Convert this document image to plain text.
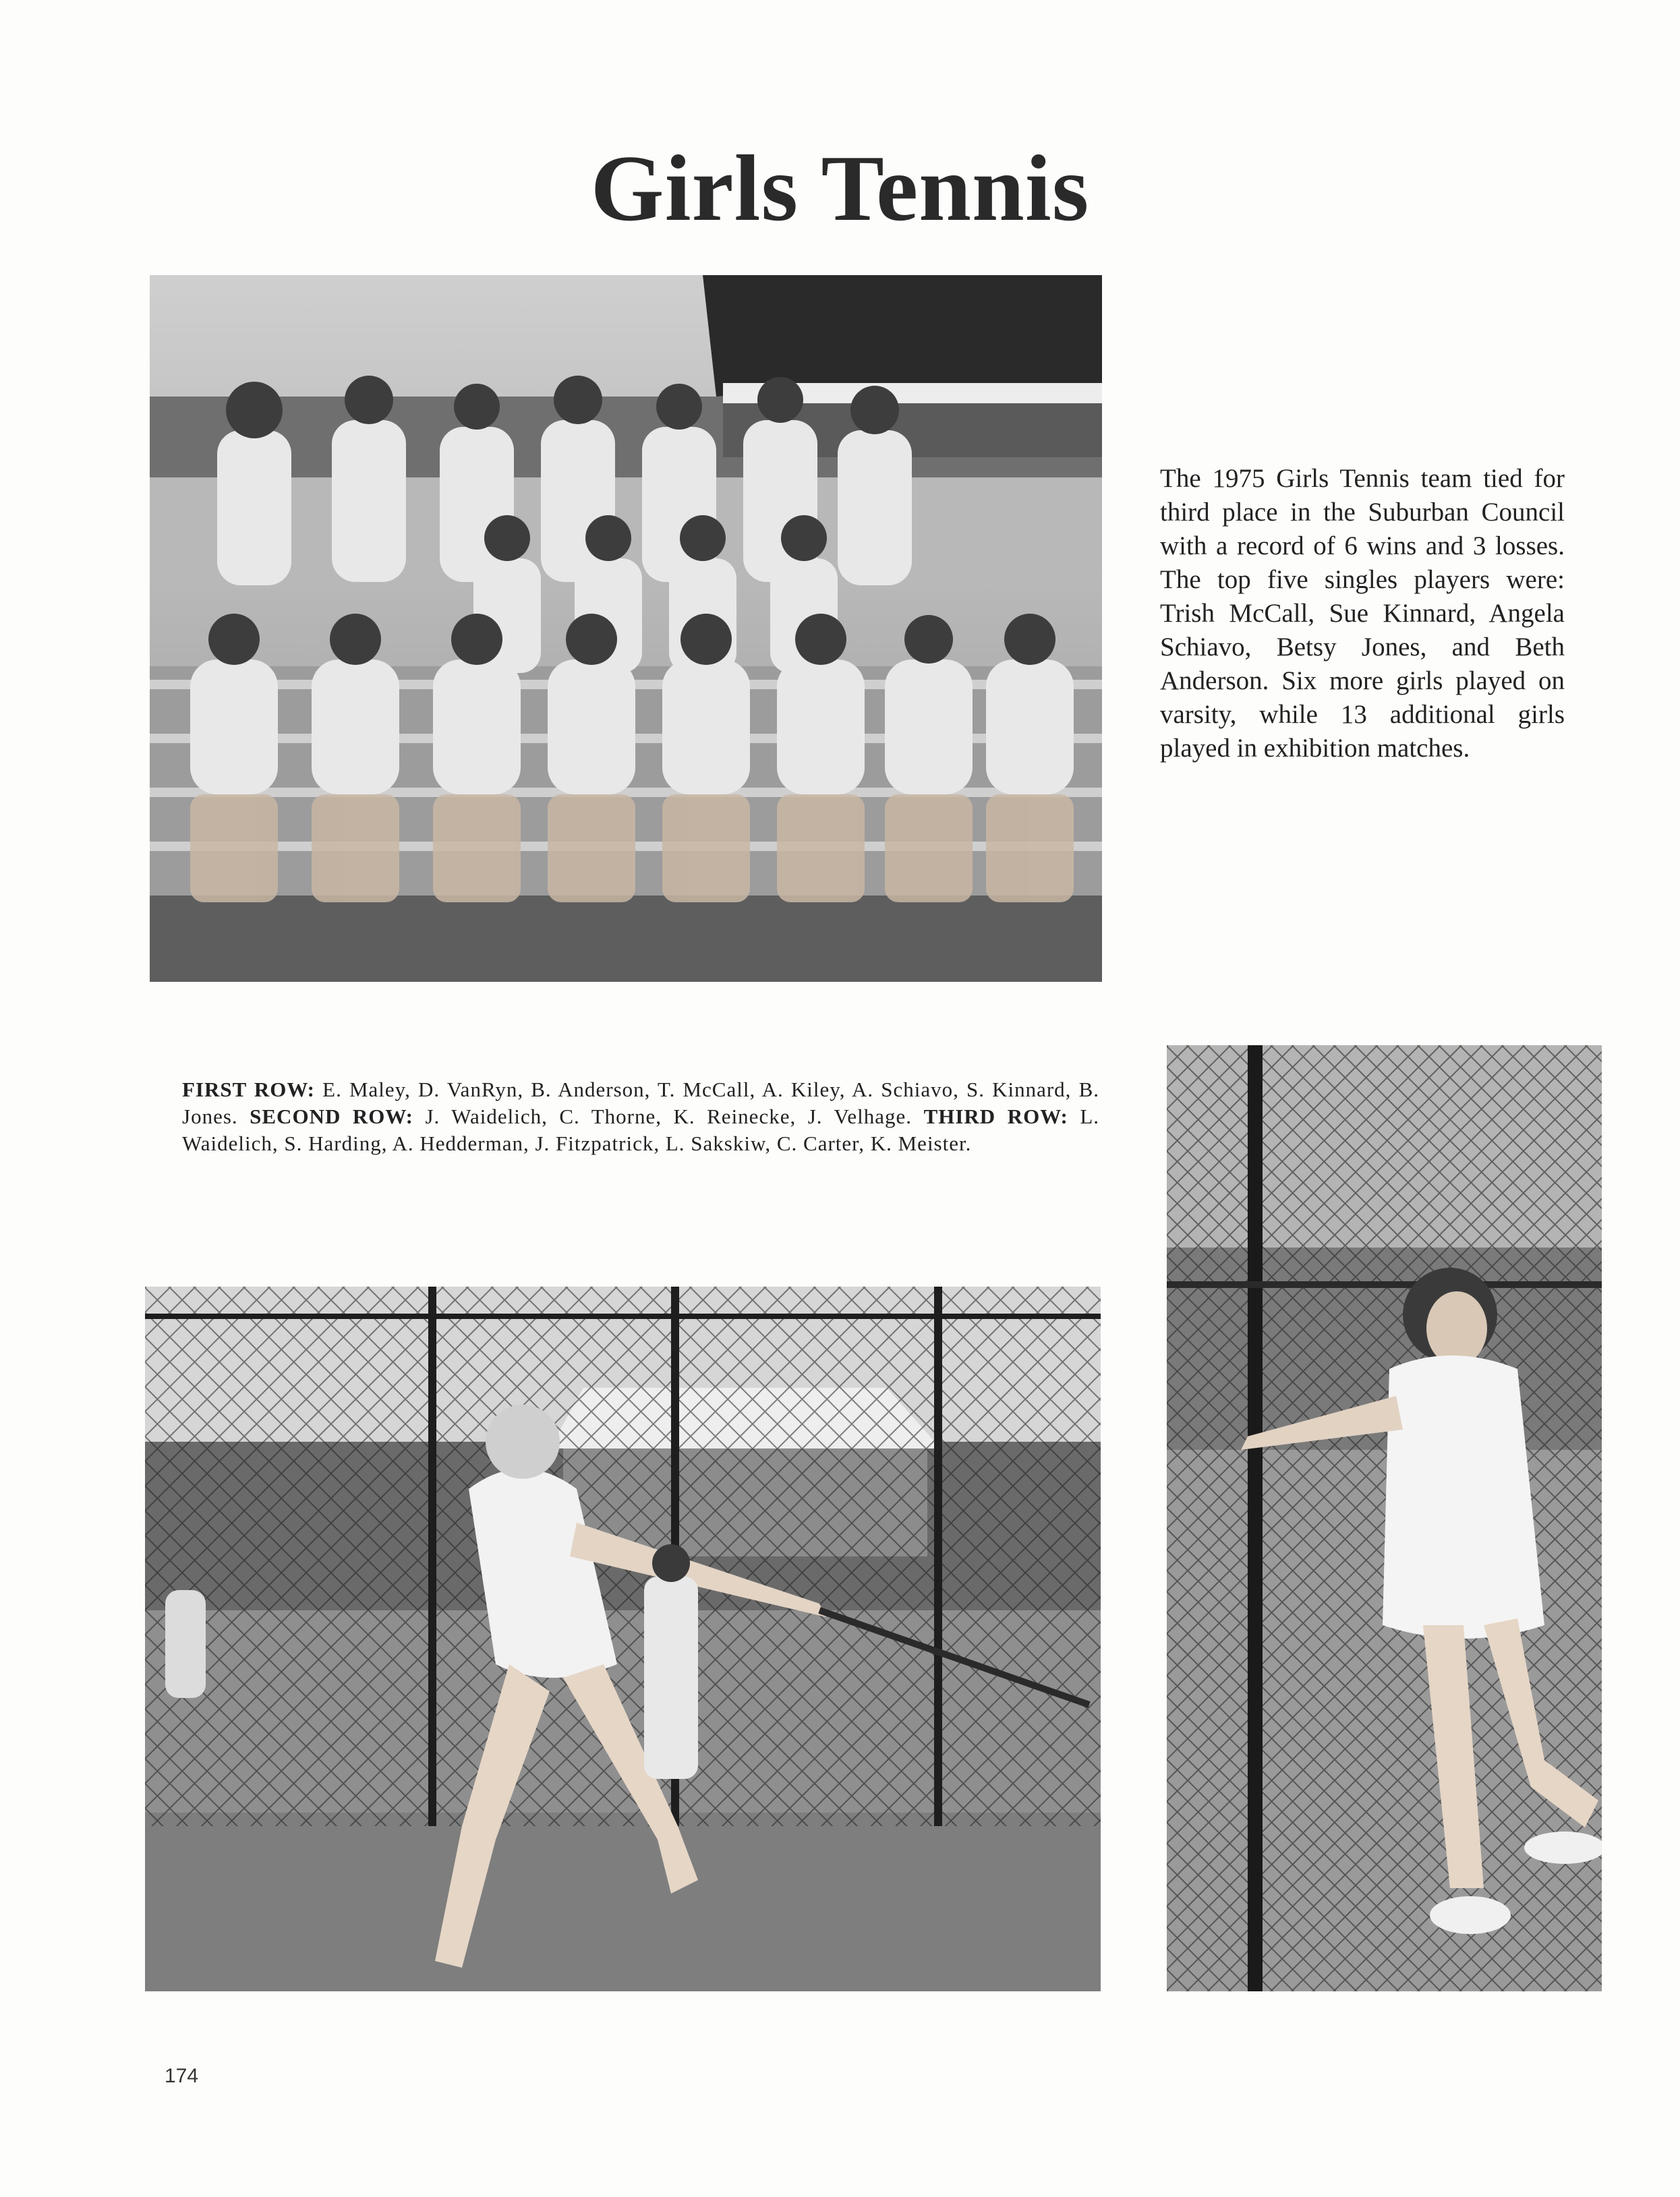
Girls Tennis
The 1975 Girls Tennis team tied for third place in the Suburban Council with a record of 6 wins and 3 losses. The top five singles players were: Trish McCall, Sue Kinnard, Angela Schiavo, Betsy Jones, and Beth Anderson. Six more girls played on varsity, while 13 additional girls played in exhibition matches.
FIRST ROW: E. Maley, D. VanRyn, B. Anderson, T. McCall, A. Kiley, A. Schiavo, S. Kinnard, B. Jones. SECOND ROW: J. Waidelich, C. Thorne, K. Reinecke, J. Velhage. THIRD ROW: L. Waidelich, S. Harding, A. Hedderman, J. Fitzpatrick, L. Sakskiw, C. Carter, K. Meister.
174
